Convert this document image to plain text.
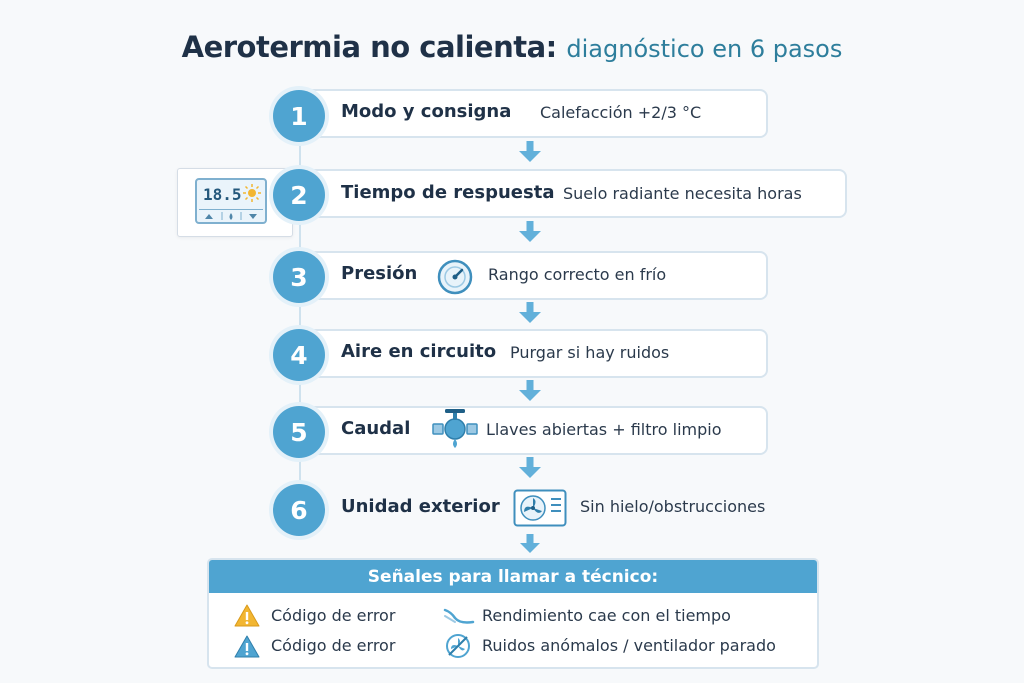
Aerotermia no calienta: diagnóstico en 6 pasos
18.5
1	Modo y consigna Calefacción +2/3 °C
2	Tiempo de respuesta Suelo radiante necesita horas
3	Presión	Rango correcto en frío
4	Aire en circuito Purgar si hay ruidos
5	Caudal	Llaves abiertas + filtro limpio
6	Unidad exterior	Sin hielo/obstrucciones
Señales para llamar a técnico:
Código de error	Rendimiento cae con el tiempo
Código de error	Ruidos anómalos / ventilador parado
